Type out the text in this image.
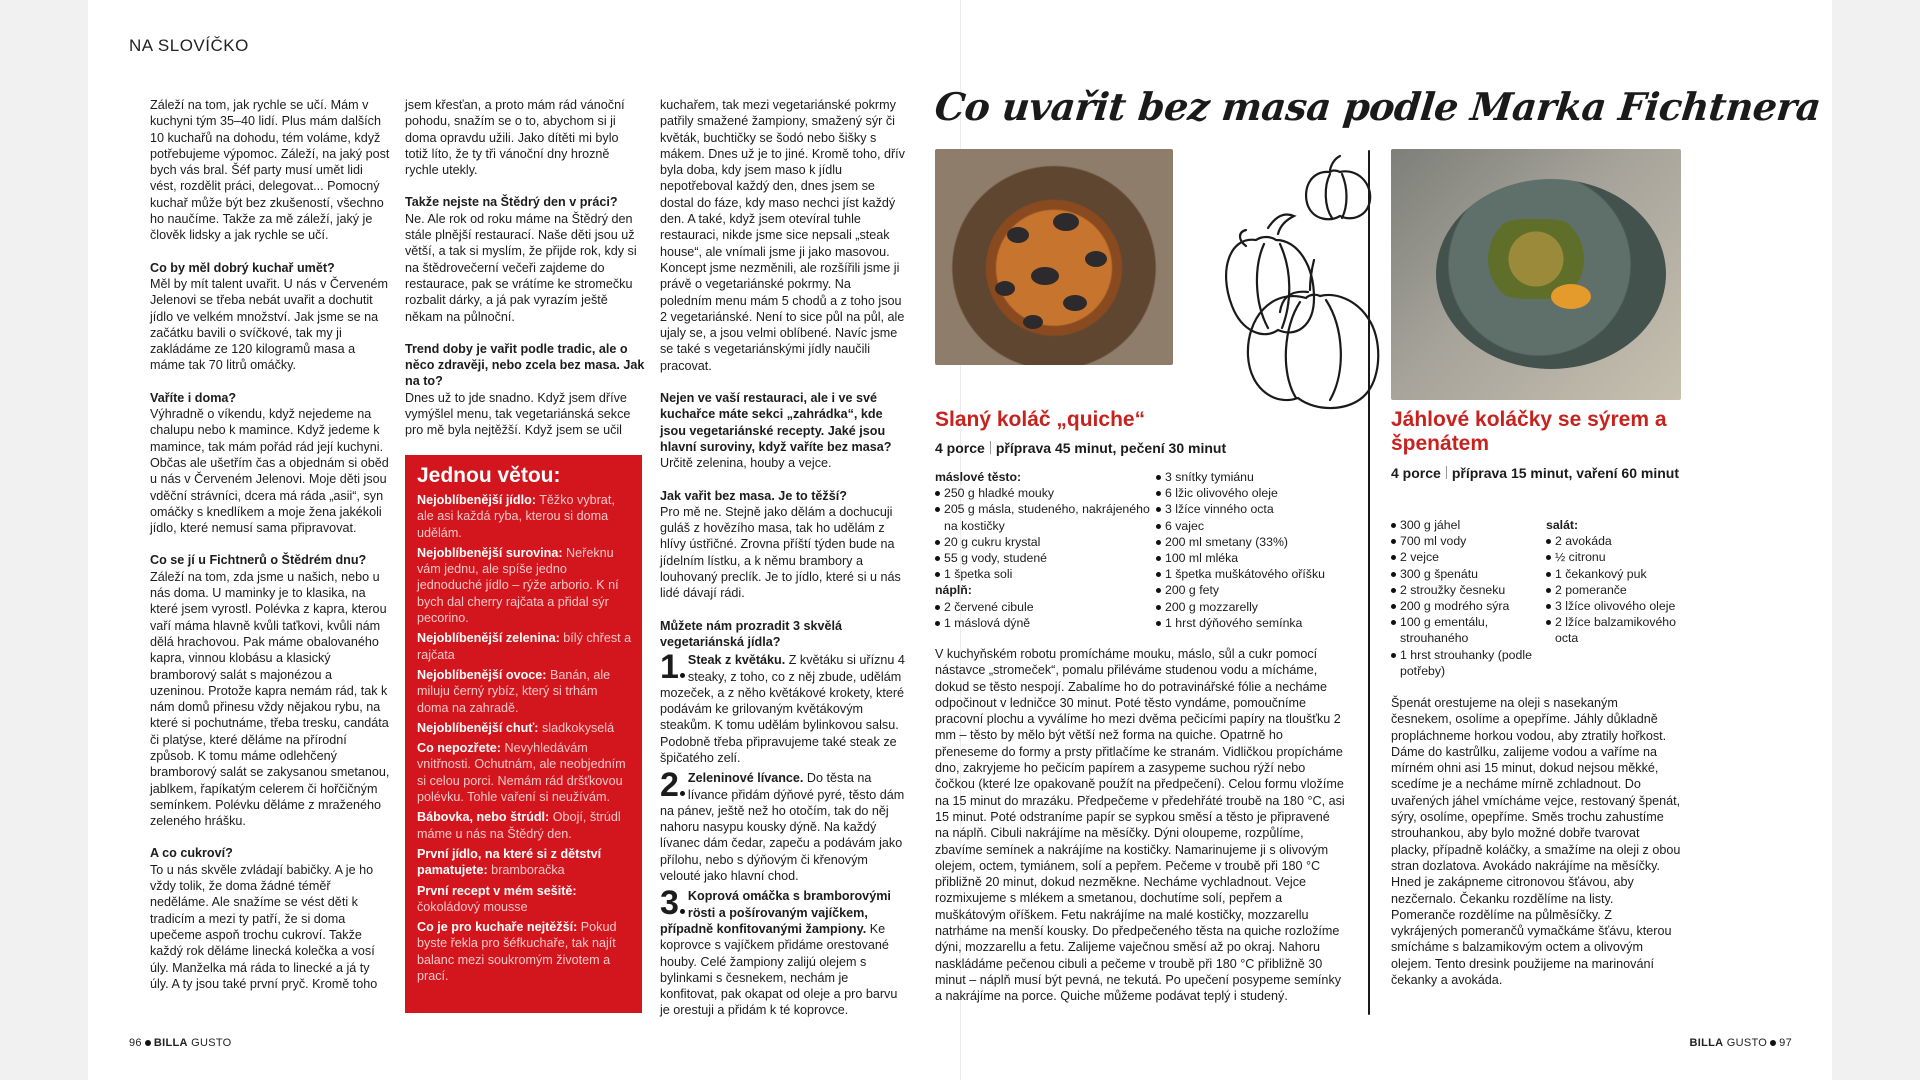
NA SLOVÍČKO

Záleží na tom, jak rychle se učí. Mám v kuchyni tým 35–40 lidí. Plus mám dalších 10 kuchařů na dohodu, tém voláme, když potřebujeme výpomoc. Záleží, na jaký post bych vás bral. Šéf party musí umět lidi vést, rozdělit práci, delegovat... Pomocný kuchař může být bez zkušeností, všechno ho naučíme. Takže za mě záleží, jaký je člověk lidsky a jak rychle se učí.

Co by měl dobrý kuchař umět?
Měl by mít talent uvařit. U nás v Červeném Jelenovi se třeba nebát uvařit a dochutit jídlo ve velkém množství. Jak jsme se na začátku bavili o svíčkové, tak my ji zakládáme ze 120 kilogramů masa a máme tak 70 litrů omáčky.

Vaříte i doma?
Výhradně o víkendu, když nejedeme na chalupu nebo k mamince. Když jedeme k mamince, tak mám pořád rád její kuchyni. Občas ale ušetřím čas a objednám si oběd u nás v Červeném Jelenovi. Moje děti jsou vděční strávníci, dcera má ráda „asii“, syn omáčky s knedlíkem a moje ženа jakékoli jídlo, které nemusí sama připravovat.

Co se jí u Fichtnerů o Štědrém dnu?
Záleží na tom, zda jsme u našich, nebo u nás doma. U maminky je to klasika, na které jsem vyrostl. Polévka z kapra, kterou vaří máma hlavně kvůli taťkovi, kvůli nám dělá hrachovou. Pak máme obalovaného kapra, vinnou klobásu a klasický bramborový salát s majonézou a uzeninou. Protože kapra nemám rád, tak k nám domů přinesu vždy nějakou rybu, na které si pochutnáme, třeba tresku, candáta či platýse, které děláme na přírodní způsob. K tomu máme odlehčený bramborový salát se zakysanou smetanou, jablkem, řapíkatým celerem či hořčičným semínkem. Polévku děláme z mraženého zeleného hrášku.

A co cukroví?
To u nás skvěle zvládají babičky. A je ho vždy tolik, že doma žádné téměř neděláme. Ale snažíme se vést děti k tradicím a mezi ty patří, že si doma upečeme aspoň trochu cukroví. Takže každý rok děláme linecká kolečka a vosí úly. Manželka má ráda to linecké a já ty úly. A ty jsou také první pryč. Kromě toho

jsem křesťan, a proto mám rád vánoční pohodu, snažím se o to, abychom si ji doma opravdu užili. Jako dítěti mi bylo totiž líto, že ty tři vánoční dny hrozně rychle utekly.

Takže nejste na Štědrý den v práci?
Ne. Ale rok od roku máme na Štědrý den stále plnější restaurací. Naše děti jsou už větší, a tak si myslím, že přijde rok, kdy si na štědrovečerní večeři zajdeme do restaurace, pak se vrátíme ke stromečku rozbalit dárky, a já pak vyrazím ještě někam na půlnoční.

Trend doby je vařit podle tradic, ale o něco zdravěji, nebo zcela bez masa. Jak na to?
Dnes už to jde snadno. Když jsem dříve vymýšlel menu, tak vegetariánská sekce pro mě byla nejtěžší. Když jsem se učil

Jednou větou:
Nejoblíbenější jídlo: Těžko vybrat, ale asi každá ryba, kterou si doma udělám.
Nejoblíbenější surovina: Neřeknu vám jednu, ale spíše jedno jednoduché jídlo – rýže arborio. K ní bych dal cherry rajčata a přidal sýr pecorino.
Nejoblíbenější zelenina: bílý chřest a rajčata
Nejoblíbenější ovoce: Banán, ale miluju černý rybíz, který si trhám doma na zahradě.
Nejoblíbenější chuť: sladkokyselá
Co nepozřete: Nevyhledávám vnitřnosti. Ochutnám, ale neobjedním si celou porci. Nemám rád dršťkovou polévku. Tohle vaření si neužívám.
Bábovka, nebo štrúdl: Obojí, štrúdl máme u nás na Štědrý den.
První jídlo, na které si z dětství pamatujete: bramboračka
První recept v mém sešitě: čokoládový mousse
Co je pro kuchaře nejtěžší: Pokud byste řekla pro šéfkuchaře, tak najít balanc mezi soukromým životem a prací.

kuchařem, tak mezi vegetariánské pokrmy patřily smažené žampiony, smažený sýr či květák, buchtičky se šodó nebo šišky s mákem. Dnes už je to jiné. Kromě toho, dřív byla doba, kdy jsem maso k jídlu nepotřeboval každý den, dnes jsem se dostal do fáze, kdy maso nechci jíst každý den. A také, když jsem otevíral tuhle restauraci, nikde jsme sice nepsali „steak house“, ale vnímali jsme ji jako masovou. Koncept jsme nezměnili, ale rozšířili jsme ji právě o vegetariánské pokrmy. Na poledním menu mám 5 chodů a z toho jsou 2 vegetariánské. Není to sice půl na půl, ale ujaly se, a jsou velmi oblíbené. Navíc jsme se také s vegetariánskými jídly naučili pracovat.

Nejen ve vaší restauraci, ale i ve své kuchařce máte sekci „zahrádka“, kde jsou vegetariánské recepty. Jaké jsou hlavní suroviny, když vaříte bez masa?
Určitě zelenina, houby a vejce.

Jak vařit bez masa. Je to těžší?
Pro mě ne. Stejně jako dělám a dochucuji guláš z hovězího masa, tak ho udělám z hlívy ústřičné. Zrovna příští týden bude na jídelním lístku, a k němu brambory a louhovaný preclík. Je to jídlo, které si u nás lidé dávají rádi.

Můžete nám prozradit 3 skvělá vegetariánská jídla?

1 Steak z květáku. Z květáku si uříznu 4 steaky, z toho, co z něj zbude, udělám mozeček, a z něho květákové krokety, které podávám ke grilovaným květákovým steakům. K tomu udělám bylinkovou salsu. Podobně třeba připravujeme také steak ze špičatého zelí.
2 Zeleninové lívance. Do těsta na lívance přidám dýňové pyré, těsto dám na pánev, ještě než ho otočím, tak do něj nahoru nasypu kousky dýně. Na každý lívanec dám čedar, zapeču a podávám jako přílohu, nebo s dýňovým či křenovým velouté jako hlavní chod.
3 Koprová omáčka s bramborovými rösti a pošírovaným vajíčkem, případně konfitovanými žampiony. Ke koprovce s vajíčkem přidáme orestované houby. Celé žampiony zalijú olejem s bylinkami s česnekem, nechám je konfitovat, pak okapat od oleje a pro barvu je orestuji a přidám k té koprovce.
96 BILLA GUSTO
Co uvařit bez masa podle Marka Fichtnera
Slaný koláč „quiche“
4 porce příprava 45 minut, pečení 30 minut
máslové těsto:
250 g hladké mouky
205 g másla, studeného, nakrájeného na kostičky
20 g cukru krystal
55 g vody, studené
1 špetka soli
náplň:
2 červené cibule
1 máslová dýně
3 snítky tymiánu
6 lžic olivového oleje
3 lžíce vinného octa
6 vajec
200 ml smetany (33%)
100 ml mléka
1 špetka muškátového oříšku
200 g fety
200 g mozzarelly
1 hrst dýňového semínka
V kuchyňském robotu promícháme mouku, máslo, sůl a cukr pomocí nástavce „stromeček“, pomalu přiléváme studenou vodu a mícháme, dokud se těsto nespojí. Zabalíme ho do potravinářské fólie a necháme odpočinout v ledničce 30 minut. Poté těsto vyndáme, pomoučníme pracovní plochu a vyválíme ho mezi dvěma pečicími papíry na tloušťku 2 mm – těsto by mělo být větší než forma na quiche. Opatrně ho přeneseme do formy a prsty přitlačíme ke stranám. Vidličkou propícháme dno, zakryjeme ho pečicím papírem a zasypeme suchou rýží nebo čočkou (které lze opakovaně použít na předpečení). Celou formu vložíme na 15 minut do mrazáku. Předpečeme v předehřáté troubě na 180 °C, asi 15 minut. Poté odstraníme papír se sypkou směsí a těsto je připravené na náplň. Cibuli nakrájíme na měsíčky. Dýni oloupeme, rozpůlíme, zbavíme semínek a nakrájíme na kostičky. Namarinujeme ji s olivovým olejem, octem, tymiánem, solí a pepřem. Pečeme v troubě při 180 °C přibližně 20 minut, dokud nezměkne. Necháme vychladnout. Vejce rozmixujeme s mlékem a smetanou, dochutíme solí, pepřem a muškátovým oříškem. Fetu nakrájíme na malé kostičky, mozzarellu natrháme na menší kousky. Do předpečeného těsta na quiche rozložíme dýni, mozzarellu a fetu. Zalijeme vaječnou směsí až po okraj. Nahoru naskládáme pečenou cibuli a pečeme v troubě při 180 °C přibližně 30 minut – náplň musí být pevná, ne tekutá. Po upečení posypeme semínky a nakrájíme na porce. Quiche můžeme podávat teplý i studený.
Jáhlové koláčky se sýrem a špenátem
4 porce příprava 15 minut, vaření 60 minut
300 g jáhel
700 ml vody
2 vejce
300 g špenátu
2 stroužky česneku
200 g modrého sýra
100 g ementálu, strouhaného
1 hrst strouhanky (podle potřeby)
salát:
2 avokáda
½ citronu
1 čekankový puk
2 pomeranče
3 lžíce olivového oleje
2 lžíce balzamikového octa
Špenát orestujeme na oleji s nasekaným česnekem, osolíme a opepříme. Jáhly důkladně propláchneme horkou vodou, aby ztratily hořkost. Dáme do kastrůlku, zalijeme vodou a vaříme na mírném ohni asi 15 minut, dokud nejsou měkké, scedíme je a necháme mírně zchladnout. Do uvařených jáhel vmícháme vejce, restovaný špenát, sýry, osolíme, opepříme. Směs trochu zahustíme strouhankou, aby bylo možné dobře tvarovat placky, případně koláčky, a smažíme na oleji z obou stran dozlatova. Avokádo nakrájíme na měsíčky. Hned je zakápneme citronovou šťávou, aby nezčernalo. Čekanku rozdělíme na listy. Pomeranče rozdělíme na půlměsíčky. Z vykrájených pomerančů vymačkáme šťávu, kterou smícháme s balzamikovým octem a olivovým olejem. Tento dresink použijeme na marinování čekanky a avokáda.
BILLA GUSTO 97
